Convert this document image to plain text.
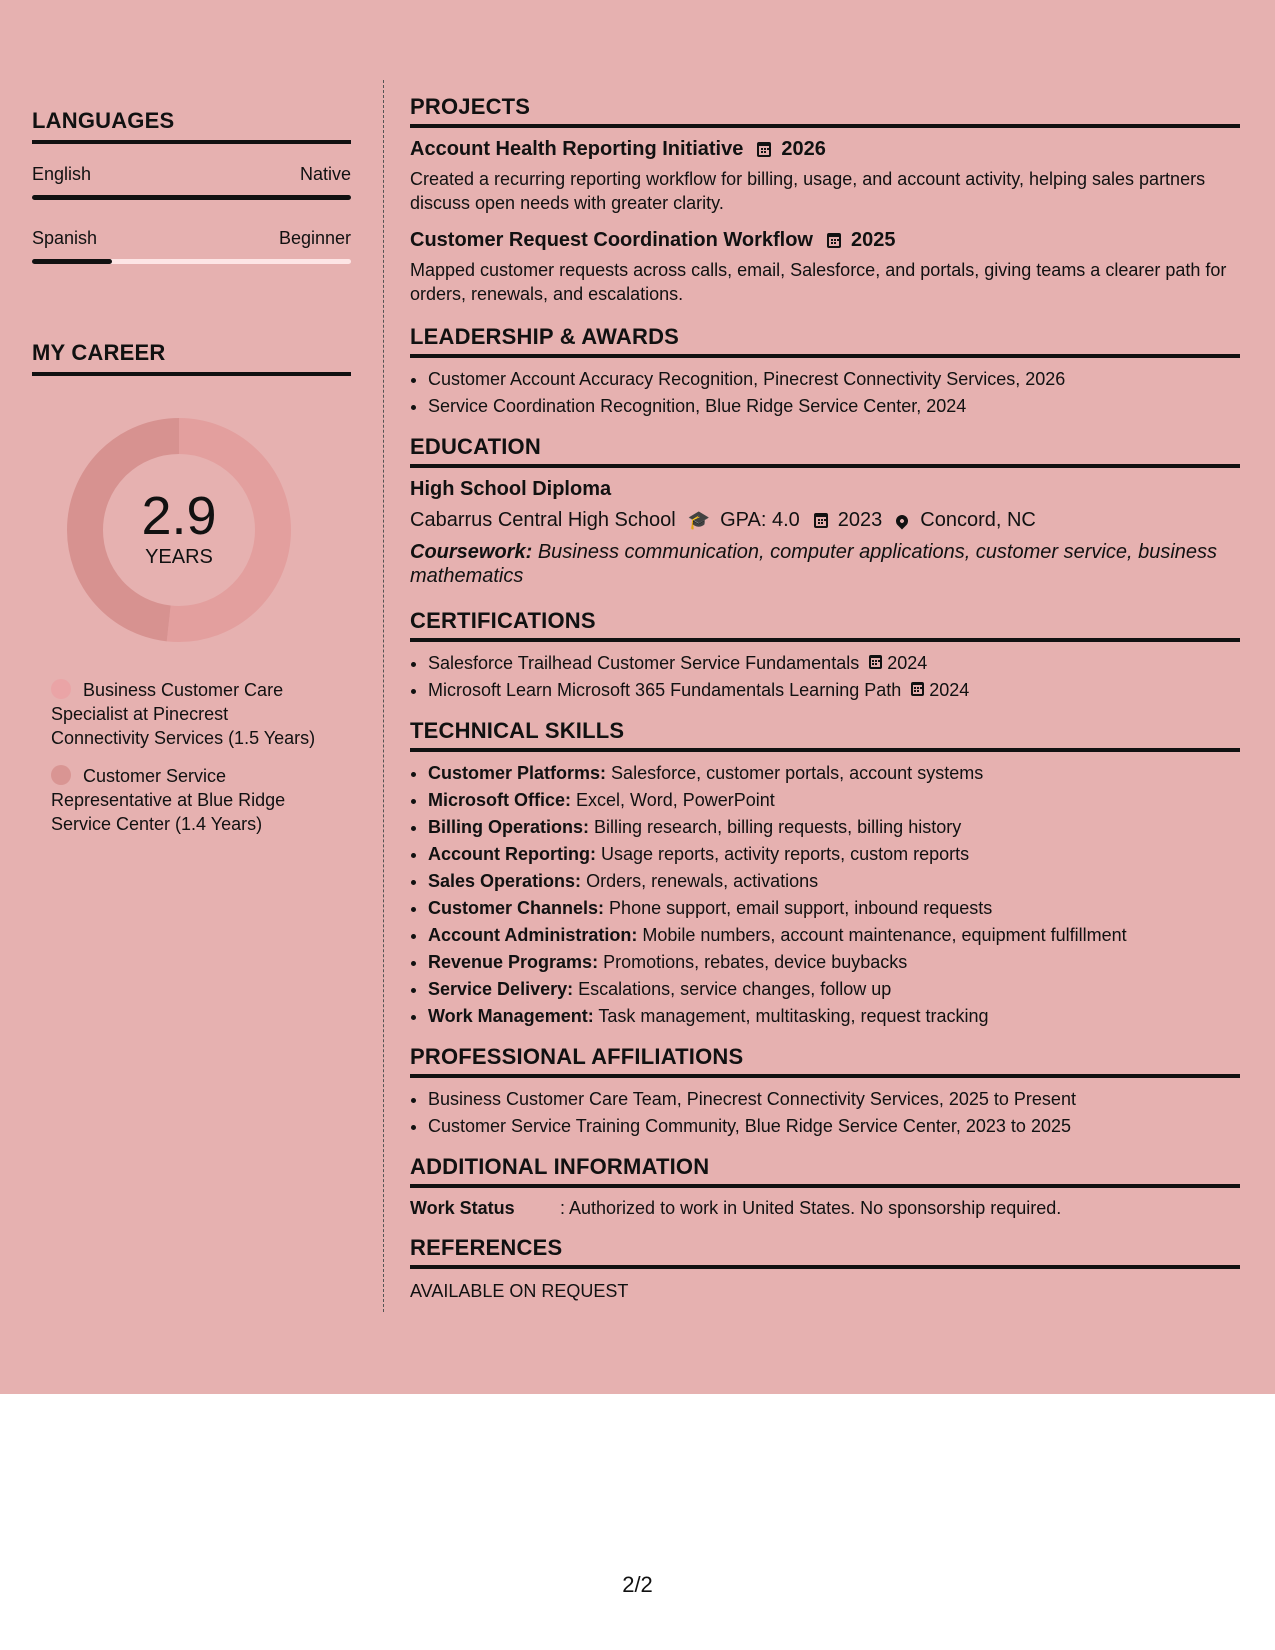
LANGUAGES
English	Native
Spanish	Beginner
MY CAREER
2.9
YEARS
Business Customer Care Specialist at Pinecrest Connectivity Services (1.5 Years)
Customer Service Representative at Blue Ridge Service Center (1.4 Years)
PROJECTS
Account Health Reporting Initiative 2026
Created a recurring reporting workflow for billing, usage, and account activity, helping sales partners discuss open needs with greater clarity.
Customer Request Coordination Workflow 2025
Mapped customer requests across calls, email, Salesforce, and portals, giving teams a clearer path for orders, renewals, and escalations.
LEADERSHIP & AWARDS
• Customer Account Accuracy Recognition, Pinecrest Connectivity Services, 2026
• Service Coordination Recognition, Blue Ridge Service Center, 2024
EDUCATION
High School Diploma
Cabarrus Central High School 🎓 GPA: 4.0 2023 Concord, NC
Coursework: Business communication, computer applications, customer service, business mathematics
CERTIFICATIONS
• Salesforce Trailhead Customer Service Fundamentals 2024
• Microsoft Learn Microsoft 365 Fundamentals Learning Path 2024
TECHNICAL SKILLS
• Customer Platforms: Salesforce, customer portals, account systems
• Microsoft Office: Excel, Word, PowerPoint
• Billing Operations: Billing research, billing requests, billing history
• Account Reporting: Usage reports, activity reports, custom reports
• Sales Operations: Orders, renewals, activations
• Customer Channels: Phone support, email support, inbound requests
• Account Administration: Mobile numbers, account maintenance, equipment fulfillment
• Revenue Programs: Promotions, rebates, device buybacks
• Service Delivery: Escalations, service changes, follow up
• Work Management: Task management, multitasking, request tracking
PROFESSIONAL AFFILIATIONS
• Business Customer Care Team, Pinecrest Connectivity Services, 2025 to Present
• Customer Service Training Community, Blue Ridge Service Center, 2023 to 2025
ADDITIONAL INFORMATION
Work Status	: Authorized to work in United States. No sponsorship required.
REFERENCES
AVAILABLE ON REQUEST
2/2
